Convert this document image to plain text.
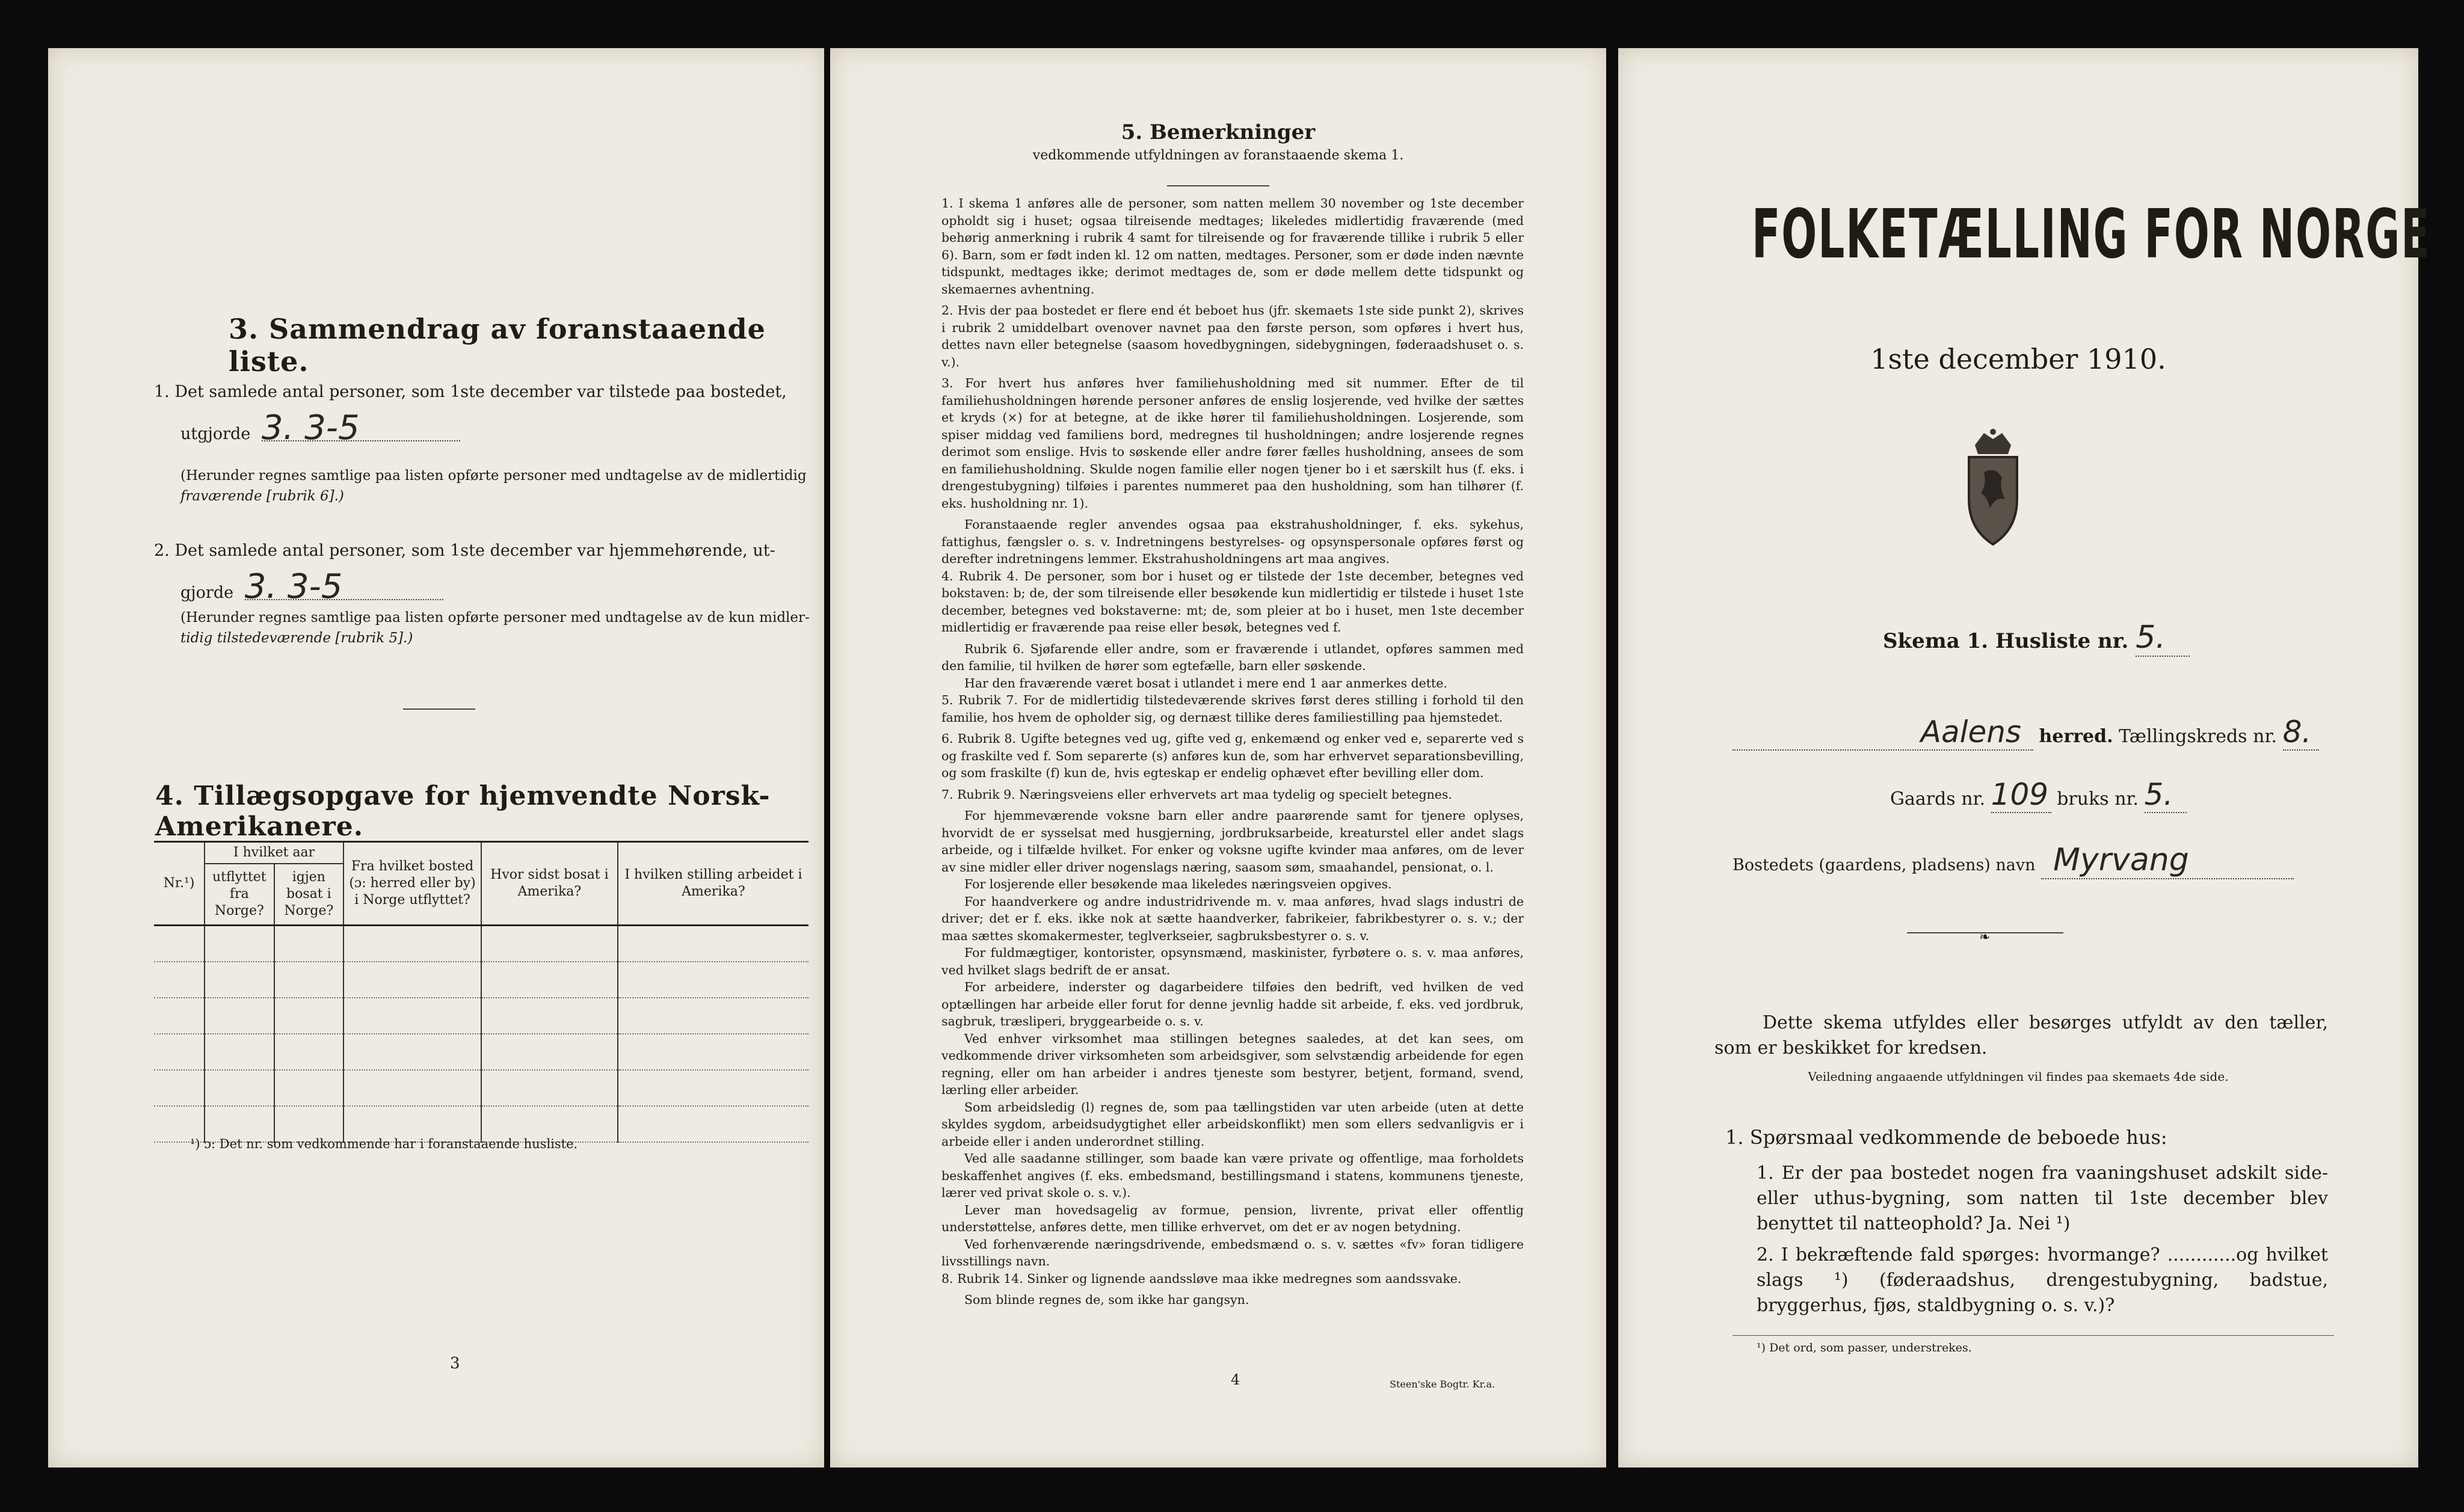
3. Sammendrag av foranstaaende liste.
1. Det samlede antal personer, som 1ste december var tilstede paa bostedet,
utgjorde 3. 3-5
(Herunder regnes samtlige paa listen opførte personer med undtagelse av de midlertidig
fraværende [rubrik 6].)
2. Det samlede antal personer, som 1ste december var hjemmehørende, ut-
gjorde 3. 3-5
(Herunder regnes samtlige paa listen opførte personer med undtagelse av de kun midler-
tidig tilstedeværende [rubrik 5].)
4. Tillægsopgave for hjemvendte Norsk-Amerikanere.
Nr.¹)	I hvilket aar		Fra hvilket bosted (ɔ: herred eller by) i Norge utflyttet?	Hvor sidst bosat i Amerika?	I hvilken stilling arbeidet i Amerika?
	utflyttet fra Norge?	igjen bosat i Norge?			

¹) ɔ: Det nr. som vedkommende har i foranstaaende husliste.
3
5. Bemerkninger
vedkommende utfyldningen av foranstaaende skema 1.

1. I skema 1 anføres alle de personer, som natten mellem 30 november og 1ste december opholdt sig i huset; ogsaa tilreisende medtages; likeledes midlertidig fraværende (med behørig anmerkning i rubrik 4 samt for tilreisende og for fraværende tillike i rubrik 5 eller 6). Barn, som er født inden kl. 12 om natten, medtages. Personer, som er døde inden nævnte tidspunkt, medtages ikke; derimot medtages de, som er døde mellem dette tidspunkt og skemaernes avhentning.

2. Hvis der paa bostedet er flere end ét beboet hus (jfr. skemaets 1ste side punkt 2), skrives i rubrik 2 umiddelbart ovenover navnet paa den første person, som opføres i hvert hus, dettes navn eller betegnelse (saasom hovedbygningen, sidebygningen, føderaadshuset o. s. v.).

3. For hvert hus anføres hver familiehusholdning med sit nummer. Efter de til familiehusholdningen hørende personer anføres de enslig losjerende, ved hvilke der sættes et kryds (×) for at betegne, at de ikke hører til familiehusholdningen. Losjerende, som spiser middag ved familiens bord, medregnes til husholdningen; andre losjerende regnes derimot som enslige. Hvis to søskende eller andre fører fælles husholdning, ansees de som en familiehusholdning. Skulde nogen familie eller nogen tjener bo i et særskilt hus (f. eks. i drengestubygning) tilføies i parentes nummeret paa den husholdning, som han tilhører (f. eks. husholdning nr. 1).

Foranstaaende regler anvendes ogsaa paa ekstrahusholdninger, f. eks. sykehus, fattighus, fængsler o. s. v. Indretningens bestyrelses- og opsynspersonale opføres først og derefter indretningens lemmer. Ekstrahusholdningens art maa angives.

4. Rubrik 4. De personer, som bor i huset og er tilstede der 1ste december, betegnes ved bokstaven: b; de, der som tilreisende eller besøkende kun midlertidig er tilstede i huset 1ste december, betegnes ved bokstaverne: mt; de, som pleier at bo i huset, men 1ste december midlertidig er fraværende paa reise eller besøk, betegnes ved f.

Rubrik 6. Sjøfarende eller andre, som er fraværende i utlandet, opføres sammen med den familie, til hvilken de hører som egtefælle, barn eller søskende.

Har den fraværende været bosat i utlandet i mere end 1 aar anmerkes dette.

5. Rubrik 7. For de midlertidig tilstedeværende skrives først deres stilling i forhold til den familie, hos hvem de opholder sig, og dernæst tillike deres familiestilling paa hjemstedet.

6. Rubrik 8. Ugifte betegnes ved ug, gifte ved g, enkemænd og enker ved e, separerte ved s og fraskilte ved f. Som separerte (s) anføres kun de, som har erhvervet separationsbevilling, og som fraskilte (f) kun de, hvis egteskap er endelig ophævet efter bevilling eller dom.

7. Rubrik 9. Næringsveiens eller erhvervets art maa tydelig og specielt betegnes.

For hjemmeværende voksne barn eller andre paarørende samt for tjenere oplyses, hvorvidt de er sysselsat med husgjerning, jordbruksarbeide, kreaturstel eller andet slags arbeide, og i tilfælde hvilket. For enker og voksne ugifte kvinder maa anføres, om de lever av sine midler eller driver nogenslags næring, saasom søm, smaahandel, pensionat, o. l.

For losjerende eller besøkende maa likeledes næringsveien opgives.

For haandverkere og andre industridrivende m. v. maa anføres, hvad slags industri de driver; det er f. eks. ikke nok at sætte haandverker, fabrikeier, fabrikbestyrer o. s. v.; der maa sættes skomakermester, teglverkseier, sagbruksbestyrer o. s. v.

For fuldmægtiger, kontorister, opsynsmænd, maskinister, fyrbøtere o. s. v. maa anføres, ved hvilket slags bedrift de er ansat.

For arbeidere, inderster og dagarbeidere tilføies den bedrift, ved hvilken de ved optællingen har arbeide eller forut for denne jevnlig hadde sit arbeide, f. eks. ved jordbruk, sagbruk, træsliperi, bryggearbeide o. s. v.

Ved enhver virksomhet maa stillingen betegnes saaledes, at det kan sees, om vedkommende driver virksomheten som arbeidsgiver, som selvstændig arbeidende for egen regning, eller om han arbeider i andres tjeneste som bestyrer, betjent, formand, svend, lærling eller arbeider.

Som arbeidsledig (l) regnes de, som paa tællingstiden var uten arbeide (uten at dette skyldes sygdom, arbeidsudygtighet eller arbeidskonflikt) men som ellers sedvanligvis er i arbeide eller i anden underordnet stilling.

Ved alle saadanne stillinger, som baade kan være private og offentlige, maa forholdets beskaffenhet angives (f. eks. embedsmand, bestillingsmand i statens, kommunens tjeneste, lærer ved privat skole o. s. v.).

Lever man hovedsagelig av formue, pension, livrente, privat eller offentlig understøttelse, anføres dette, men tillike erhvervet, om det er av nogen betydning.

Ved forhenværende næringsdrivende, embedsmænd o. s. v. sættes «fv» foran tidligere livsstillings navn.

8. Rubrik 14. Sinker og lignende aandssløve maa ikke medregnes som aandssvake.

Som blinde regnes de, som ikke har gangsyn.

4	Steen'ske Bogtr. Kr.a.
FOLKETÆLLING FOR NORGE
1ste december 1910.
Skema 1. Husliste nr. 5.
Aalens herred. Tællingskreds nr. 8.
Gaards nr. 109 bruks nr. 5.
Bostedets (gaardens, pladsens) navn Myrvang
❧
Dette skema utfyldes eller besørges utfyldt av den tæller, som er beskikket for kredsen.
Veiledning angaaende utfyldningen vil findes paa skemaets 4de side.
1. Spørsmaal vedkommende de beboede hus:
1. Er der paa bostedet nogen fra vaaningshuset adskilt side- eller uthus-bygning, som natten til 1ste december blev benyttet til natteophold? Ja. Nei ¹)
2. I bekræftende fald spørges: hvormange? ............og hvilket slags ¹) (føderaadshus, drengestubygning, badstue, bryggerhus, fjøs, staldbygning o. s. v.)?
¹) Det ord, som passer, understrekes.
